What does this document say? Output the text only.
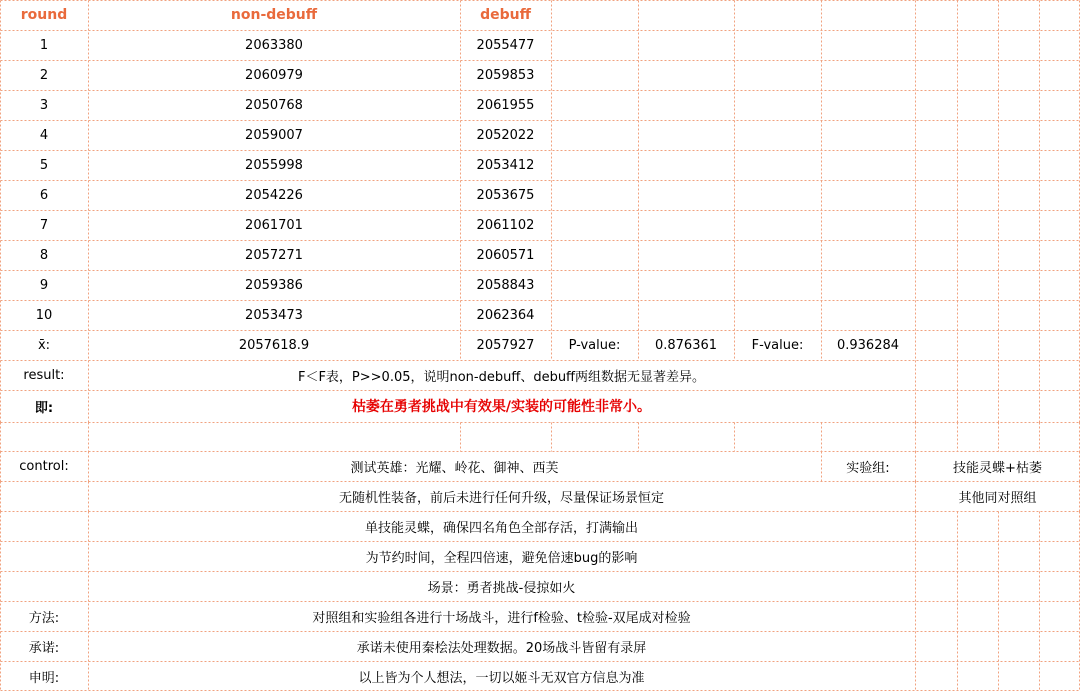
round	non-debuff	debuff
1	2063380	2055477
2	2060979	2059853
3	2050768	2061955
4	2059007	2052022
5	2055998	2053412
6	2054226	2053675
7	2061701	2061102
8	2057271	2060571
9	2059386	2058843
10	2053473	2062364
x̄:	2057618.9	2057927	P-value:	0.876361	F-value:	0.936284
result:	F＜F表，P>>0.05，说明non-debuff、debuff两组数据无显著差异。
即:	枯萎在勇者挑战中有效果/实装的可能性非常小。
control:	测试英雄：光耀、岭花、御神、西芙	实验组:	技能灵蝶+枯萎
无随机性装备，前后未进行任何升级，尽量保证场景恒定	其他同对照组
单技能灵蝶，确保四名角色全部存活，打满输出
为节约时间，全程四倍速，避免倍速bug的影响
场景：勇者挑战-侵掠如火
方法:	对照组和实验组各进行十场战斗，进行f检验、t检验-双尾成对检验
承诺:	承诺未使用秦桧法处理数据。20场战斗皆留有录屏
申明:	以上皆为个人想法，一切以姬斗无双官方信息为准
